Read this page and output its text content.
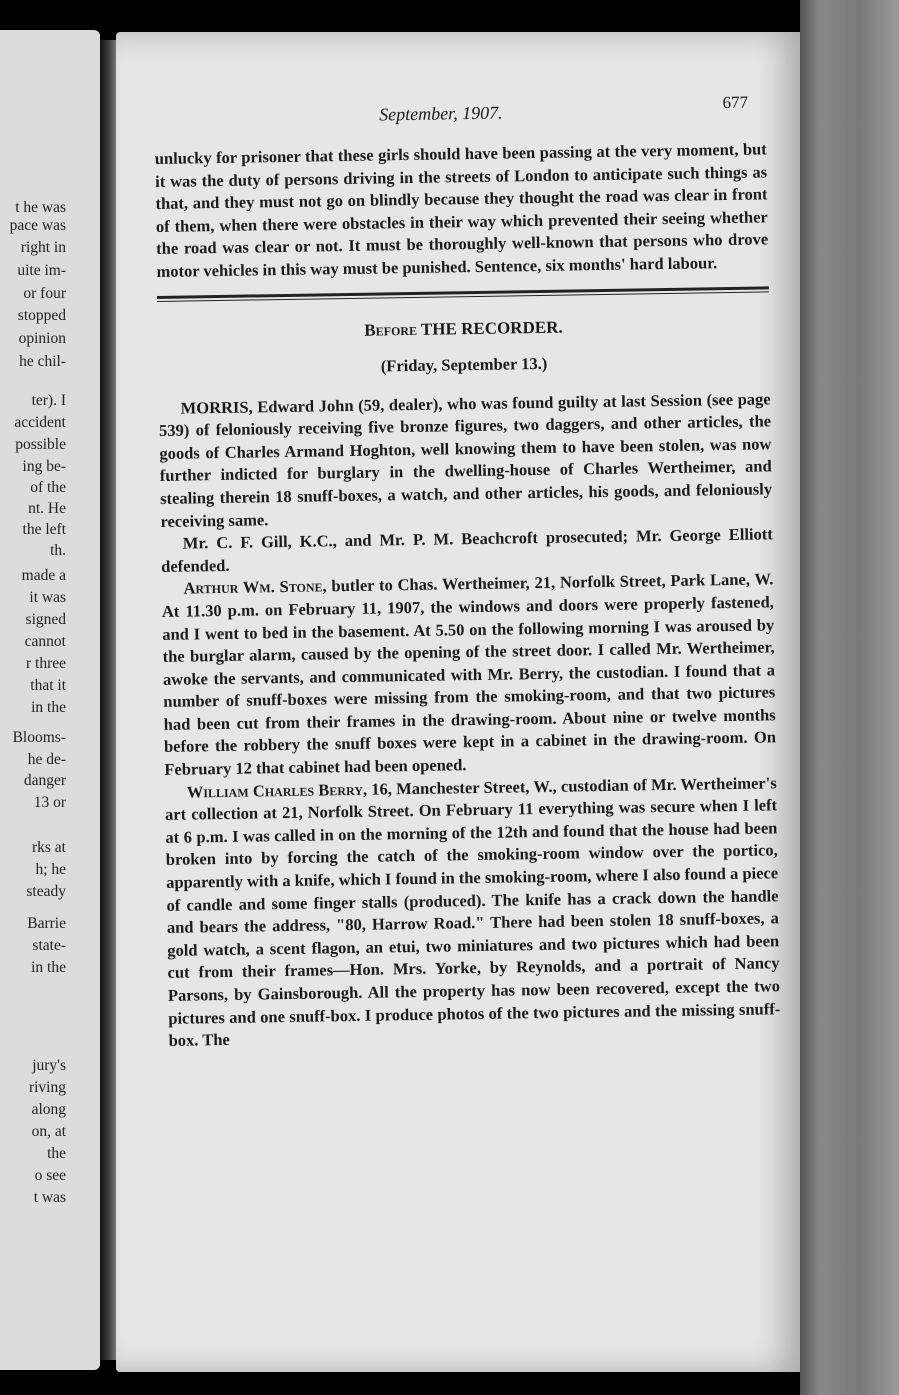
t he was
pace was
right in
uite im-
or four
stopped
opinion
he chil-
ter). I
accident
possible
ing be-
of the
nt. He
the left
th.
made a
it was
signed
cannot
r three
that it
in the
Blooms-
he de-
danger
13 or
rks at
h; he
steady
Barrie
state-
in the
jury's
riving
along
on, at
the
o see
t was
September, 1907.
677

unlucky for prisoner that these girls should have been passing at the very moment, but it was the duty of persons driving in the streets of London to anticipate such things as that, and they must not go on blindly because they thought the road was clear in front of them, when there were obstacles in their way which prevented their seeing whether the road was clear or not. It must be thoroughly well-known that persons who drove motor vehicles in this way must be punished. Sentence, six months' hard labour.

Before THE RECORDER.
(Friday, September 13.)

MORRIS, Edward John (59, dealer), who was found guilty at last Session (see page 539) of feloniously receiving five bronze figures, two daggers, and other articles, the goods of Charles Armand Hoghton, well knowing them to have been stolen, was now further indicted for burglary in the dwelling-house of Charles Wertheimer, and stealing therein 18 snuff-boxes, a watch, and other articles, his goods, and feloniously receiving same.

Mr. C. F. Gill, K.C., and Mr. P. M. Beachcroft prosecuted; Mr. George Elliott defended.

Arthur Wm. Stone, butler to Chas. Wertheimer, 21, Norfolk Street, Park Lane, W. At 11.30 p.m. on February 11, 1907, the windows and doors were properly fastened, and I went to bed in the basement. At 5.50 on the following morning I was aroused by the burglar alarm, caused by the opening of the street door. I called Mr. Wertheimer, awoke the servants, and communicated with Mr. Berry, the custodian. I found that a number of snuff-boxes were missing from the smoking-room, and that two pictures had been cut from their frames in the drawing-room. About nine or twelve months before the robbery the snuff boxes were kept in a cabinet in the drawing-room. On February 12 that cabinet had been opened.

William Charles Berry, 16, Manchester Street, W., custodian of Mr. Wertheimer's art collection at 21, Norfolk Street. On February 11 everything was secure when I left at 6 p.m. I was called in on the morning of the 12th and found that the house had been broken into by forcing the catch of the smoking-room window over the portico, apparently with a knife, which I found in the smoking-room, where I also found a piece of candle and some finger stalls (produced). The knife has a crack down the handle and bears the address, "80, Harrow Road." There had been stolen 18 snuff-boxes, a gold watch, a scent flagon, an etui, two miniatures and two pictures which had been cut from their frames—Hon. Mrs. Yorke, by Reynolds, and a portrait of Nancy Parsons, by Gainsborough. All the property has now been recovered, except the two pictures and one snuff-box. I produce photos of the two pictures and the missing snuff-box. The
